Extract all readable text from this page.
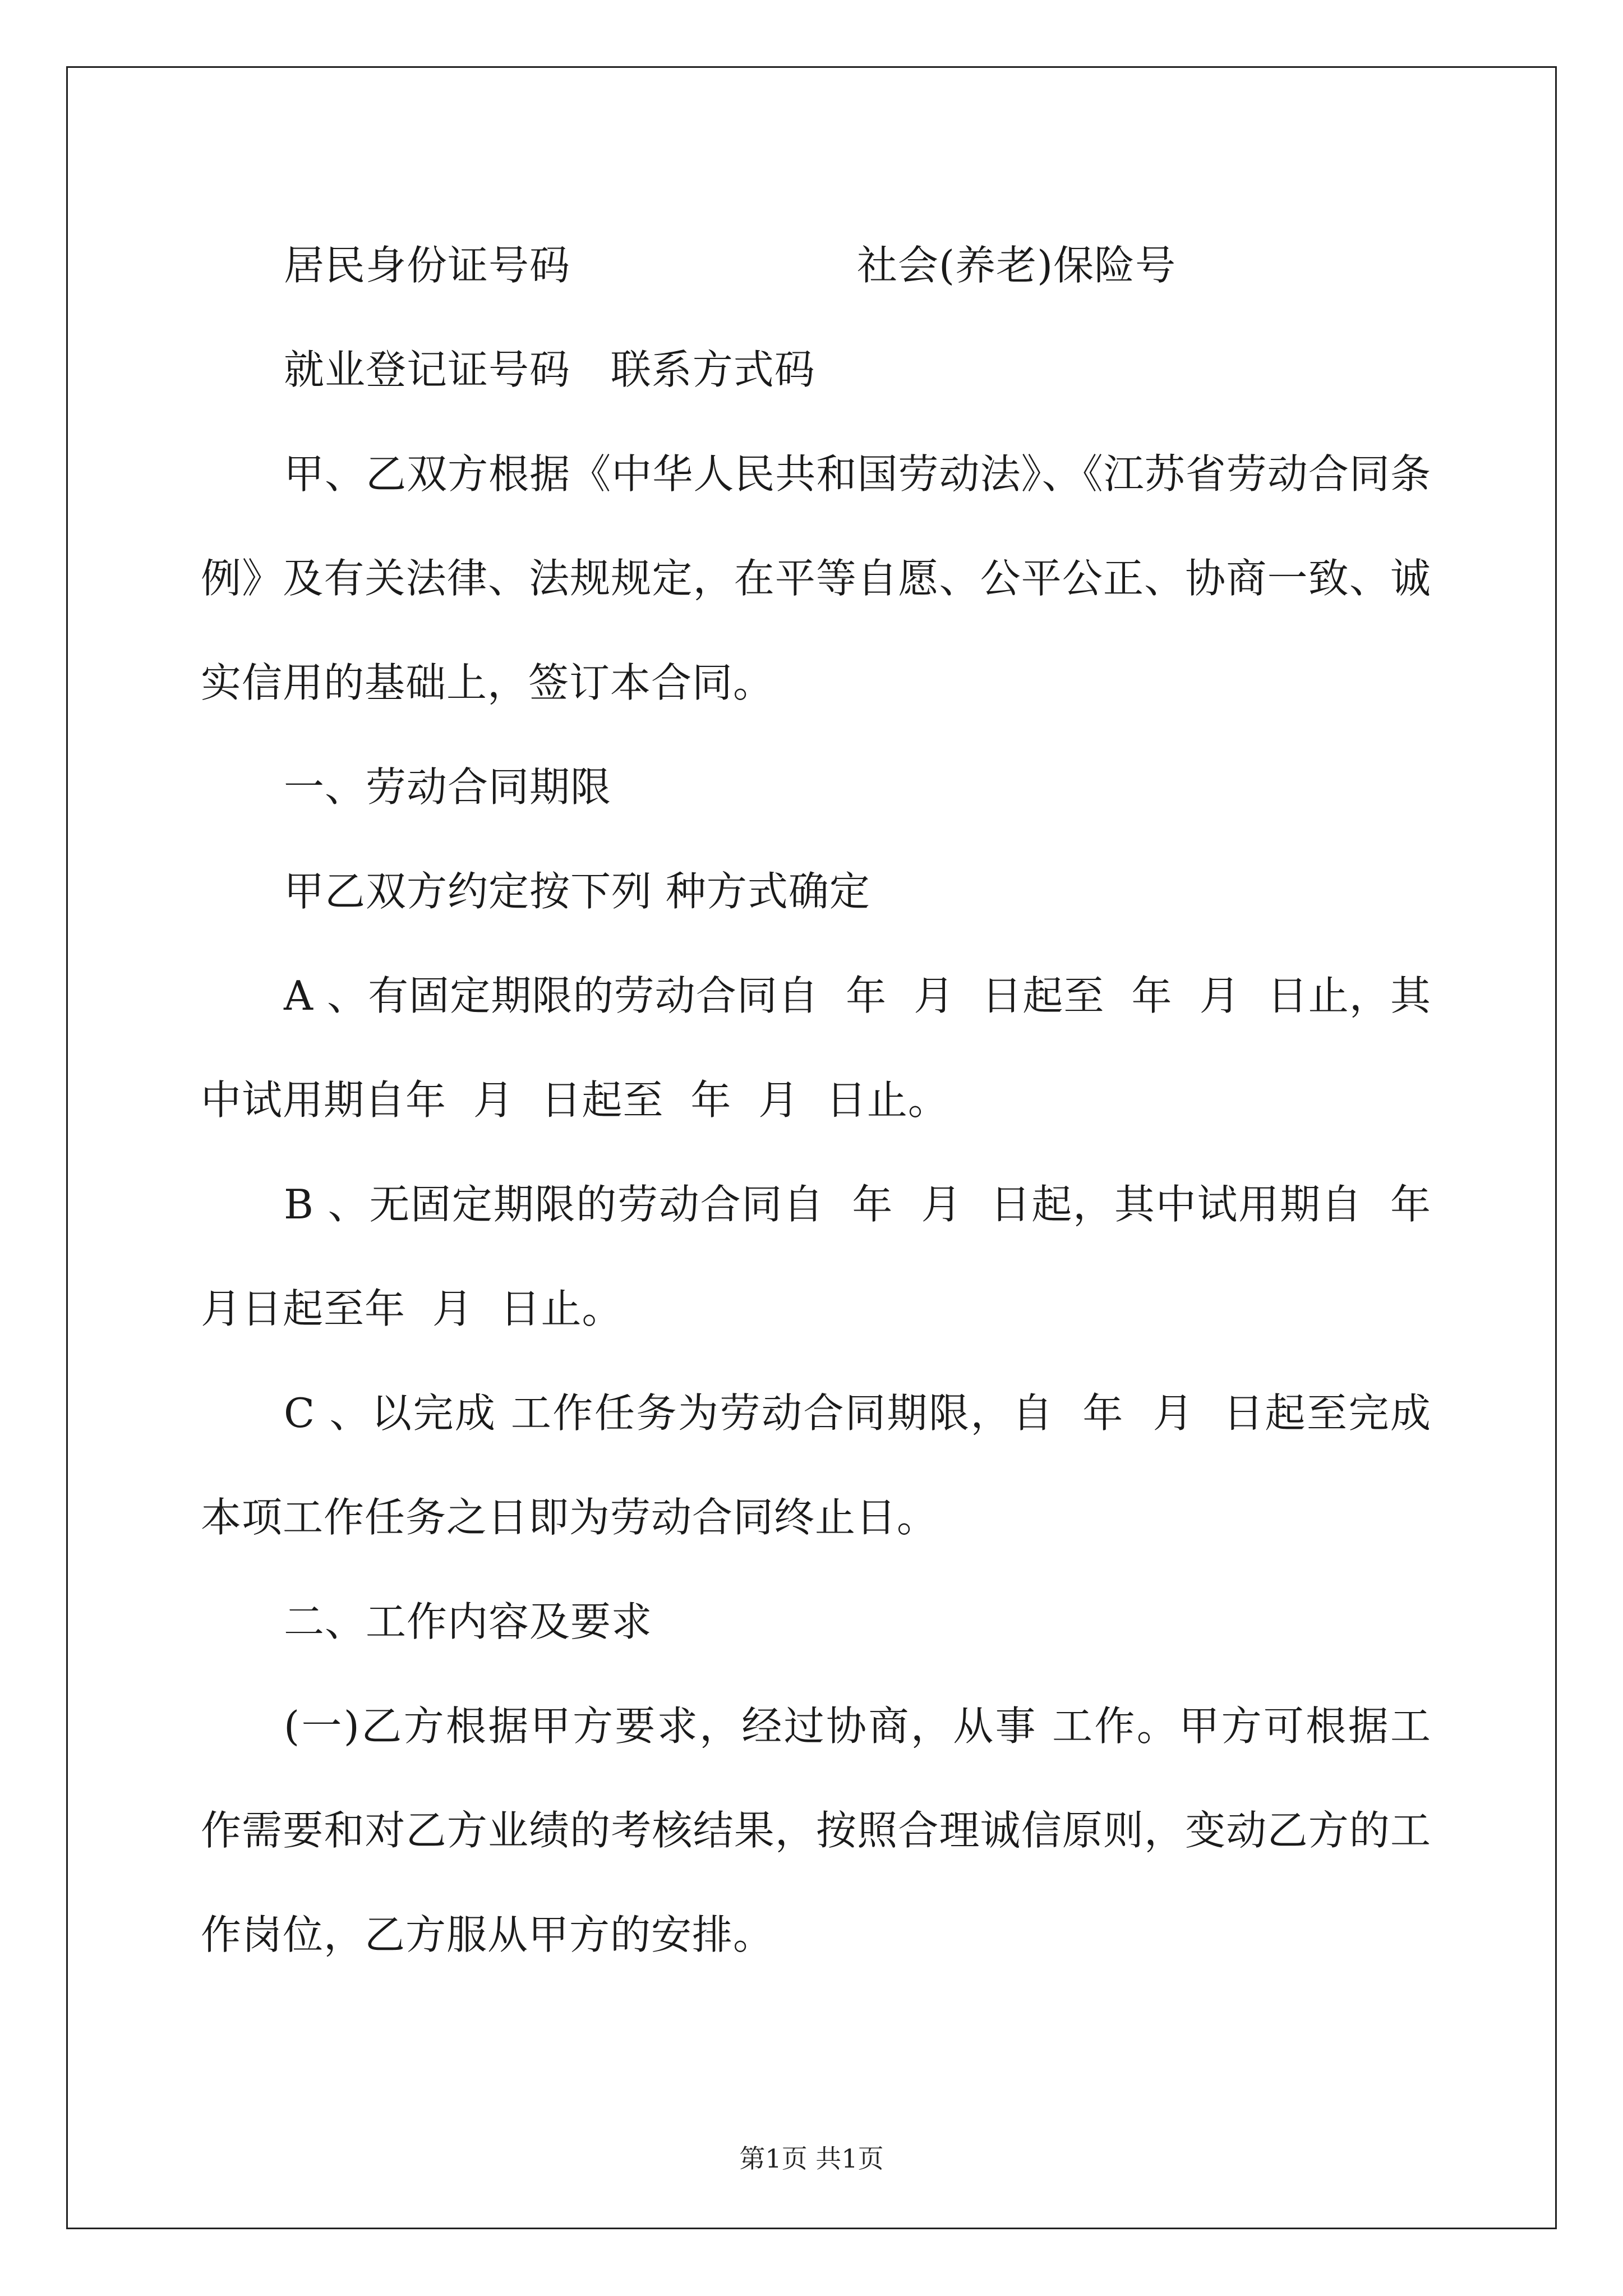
居民身份证号码

	社会(养老)保险号

就业登记证号码 联系方式码

甲、乙双方根据《中华人民共和国劳动法》、《江苏省劳动合同条例》及有关法律、法规规定，在平等自愿、公平公正、协商一致、诚实信用的基础上，签订本合同。

一、劳动合同期限

甲乙双方约定按下列 种方式确定

A 、有固定期限的劳动合同自  年  月  日起至  年  月  日止，其中试用期自年  月  日起至  年  月  日止。

B 、无固定期限的劳动合同自  年  月  日起，其中试用期自  年  月日起至年  月  日止。

C 、以完成 工作任务为劳动合同期限，自  年  月  日起至完成本项工作任务之日即为劳动合同终止日。

二、工作内容及要求

(一)乙方根据甲方要求，经过协商，从事 工作。甲方可根据工作需要和对乙方业绩的考核结果，按照合理诚信原则，变动乙方的工作岗位，乙方服从甲方的安排。

第1页 共1页
